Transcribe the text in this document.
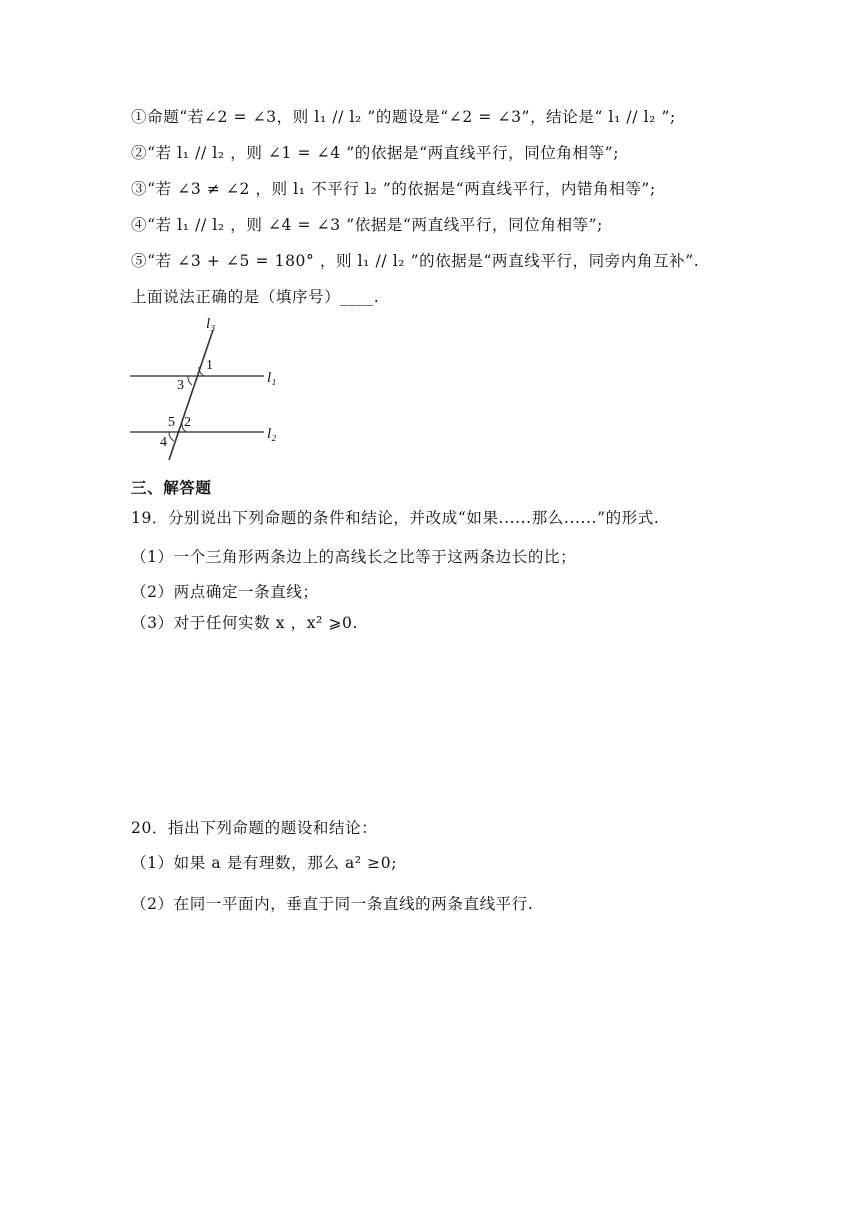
①命题“若∠2 = ∠3，则 l₁ // l₂ ”的题设是“∠2 = ∠3”，结论是“ l₁ // l₂ ”;
②“若 l₁ // l₂ ，则 ∠1 = ∠4 ”的依据是“两直线平行，同位角相等”;
③“若 ∠3 ≠ ∠2 ，则 l₁ 不平行 l₂ ”的依据是“两直线平行，内错角相等”;
④“若 l₁ // l₂ ，则 ∠4 = ∠3 ”依据是“两直线平行，同位角相等”;
⑤“若 ∠3 + ∠5 = 180° ，则 l₁ // l₂ ”的依据是“两直线平行，同旁内角互补”.
上面说法正确的是（填序号）____.
l₃
l₁
l₂
1
3
5 2
4
三、解答题
19．分别说出下列命题的条件和结论，并改成“如果......那么......”的形式.
（1）一个三角形两条边上的高线长之比等于这两条边长的比；
（2）两点确定一条直线；
（3）对于任何实数 x ，x² ⩾0.
20．指出下列命题的题设和结论：
（1）如果 a 是有理数，那么 a² ≥0;
（2）在同一平面内，垂直于同一条直线的两条直线平行.
